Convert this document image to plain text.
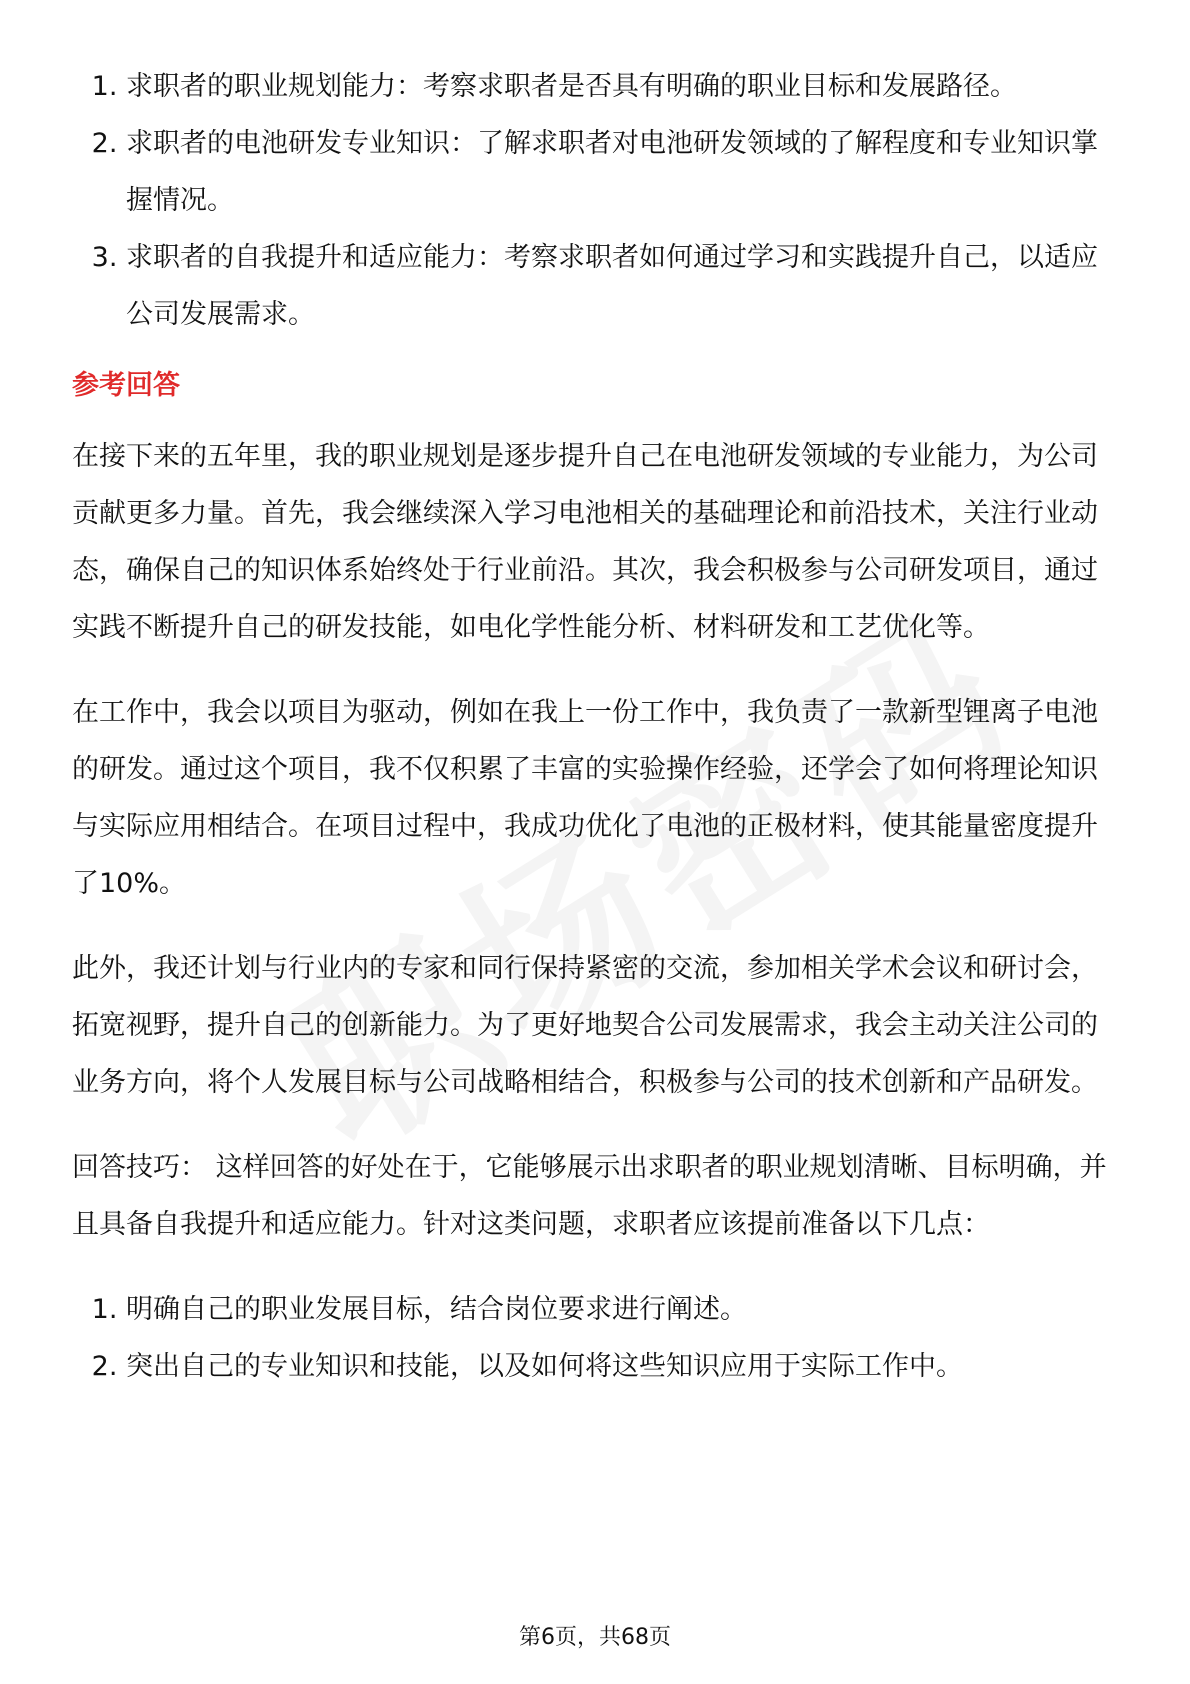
1. 求职者的职业规划能力：考察求职者是否具有明确的职业目标和发展路径。
2. 求职者的电池研发专业知识：了解求职者对电池研发领域的了解程度和专业知识掌握情况。
3. 求职者的自我提升和适应能力：考察求职者如何通过学习和实践提升自己，以适应公司发展需求。
参考回答

在接下来的五年里，我的职业规划是逐步提升自己在电池研发领域的专业能力，为公司贡献更多力量。首先，我会继续深入学习电池相关的基础理论和前沿技术，关注行业动态，确保自己的知识体系始终处于行业前沿。其次，我会积极参与公司研发项目，通过实践不断提升自己的研发技能，如电化学性能分析、材料研发和工艺优化等。

在工作中，我会以项目为驱动，例如在我上一份工作中，我负责了一款新型锂离子电池的研发。通过这个项目，我不仅积累了丰富的实验操作经验，还学会了如何将理论知识与实际应用相结合。在项目过程中，我成功优化了电池的正极材料，使其能量密度提升了10%。

此外，我还计划与行业内的专家和同行保持紧密的交流，参加相关学术会议和研讨会，拓宽视野，提升自己的创新能力。为了更好地契合公司发展需求，我会主动关注公司的业务方向，将个人发展目标与公司战略相结合，积极参与公司的技术创新和产品研发。

回答技巧： 这样回答的好处在于，它能够展示出求职者的职业规划清晰、目标明确，并且具备自我提升和适应能力。针对这类问题，求职者应该提前准备以下几点：

1. 明确自己的职业发展目标，结合岗位要求进行阐述。
2. 突出自己的专业知识和技能，以及如何将这些知识应用于实际工作中。
第6页，共68页
